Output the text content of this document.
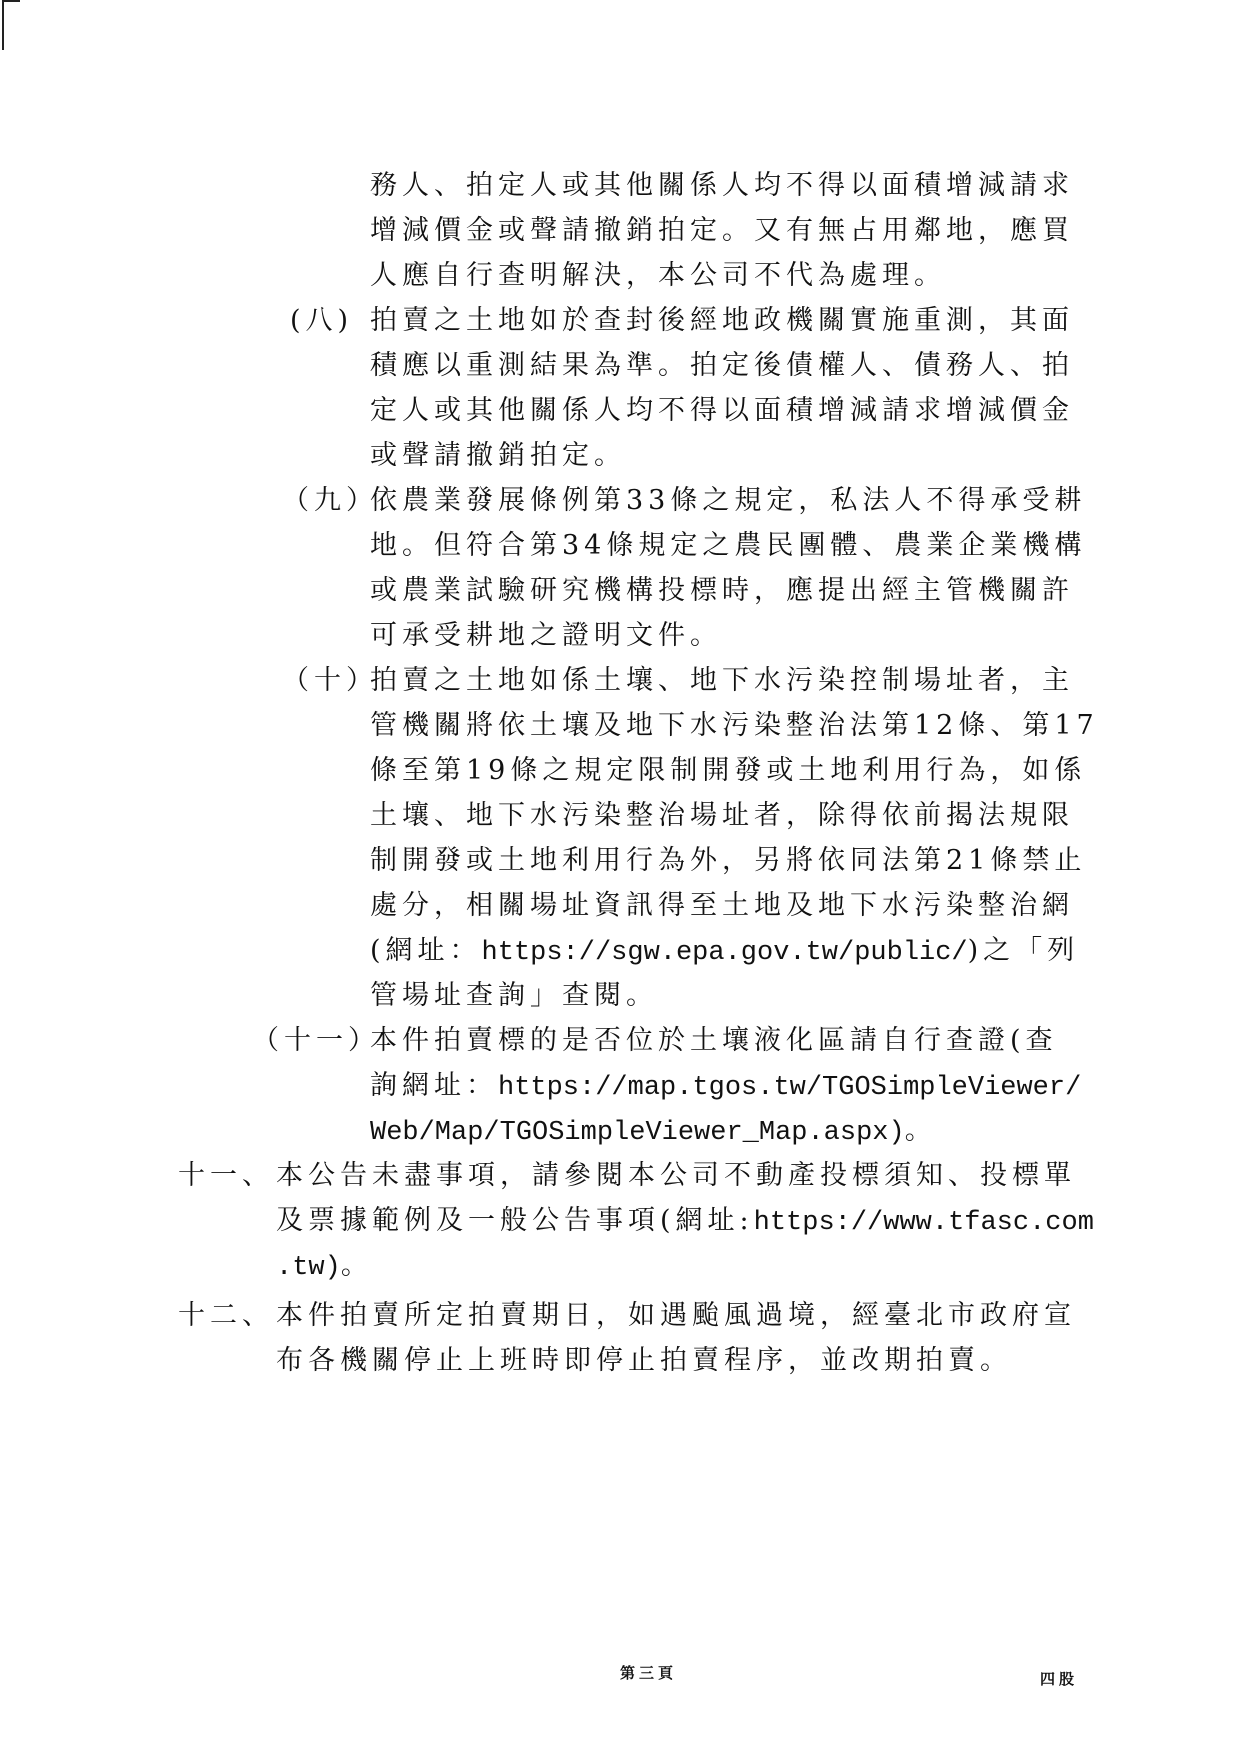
務人、拍定人或其他關係人均不得以面積增減請求
增減價金或聲請撤銷拍定。又有無占用鄰地，應買
人應自行查明解決，本公司不代為處理。
(八) 拍賣之土地如於查封後經地政機關實施重測，其面
積應以重測結果為準。拍定後債權人、債務人、拍
定人或其他關係人均不得以面積增減請求增減價金
或聲請撤銷拍定。
（九）
依農業發展條例第33條之規定，私法人不得承受耕
地。但符合第34條規定之農民團體、農業企業機構
或農業試驗研究機構投標時，應提出經主管機關許
可承受耕地之證明文件。
（十）
拍賣之土地如係土壤、地下水污染控制場址者，主
管機關將依土壤及地下水污染整治法第12條、第17
條至第19條之規定限制開發或土地利用行為，如係
土壤、地下水污染整治場址者，除得依前揭法規限
制開發或土地利用行為外，另將依同法第21條禁止
處分，相關場址資訊得至土地及地下水污染整治網
(網址：https://sgw.epa.gov.tw/public/)之「列
管場址查詢」查閱。
（十一）
本件拍賣標的是否位於土壤液化區請自行查證(查
詢網址：https://map.tgos.tw/TGOSimpleViewer/
Web/Map/TGOSimpleViewer_Map.aspx)。
十一、 本公告未盡事項，請參閱本公司不動產投標須知、投標單
及票據範例及一般公告事項(網址:https://www.tfasc.com
.tw)。
十二、 本件拍賣所定拍賣期日，如遇颱風過境，經臺北市政府宣
布各機關停止上班時即停止拍賣程序，並改期拍賣。
第三頁	四股
